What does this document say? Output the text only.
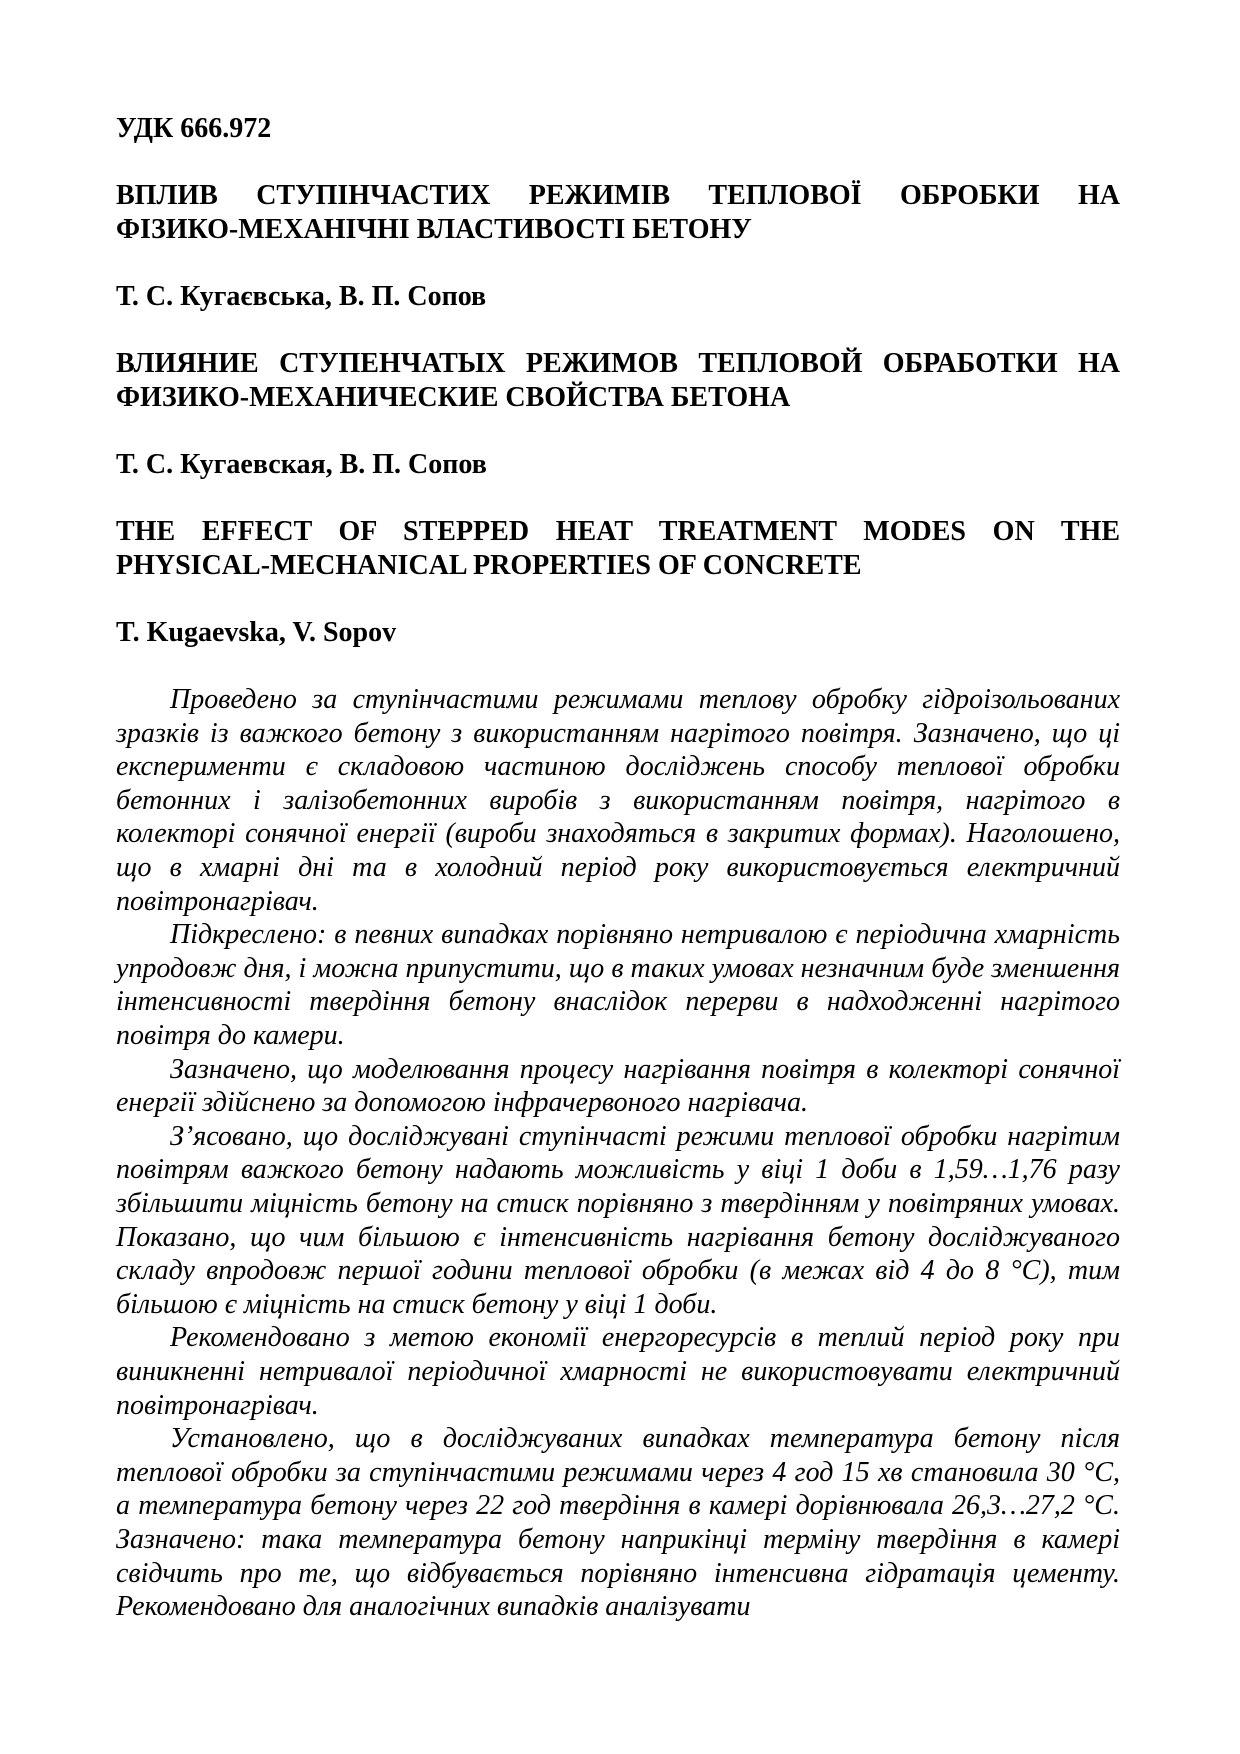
УДК 666.972
ВПЛИВ СТУПІНЧАСТИХ РЕЖИМІВ ТЕПЛОВОЇ ОБРОБКИ НА
ФІЗИКО-МЕХАНІЧНІ ВЛАСТИВОСТІ БЕТОНУ
Т. С. Кугаєвська, В. П. Сопов
ВЛИЯНИЕ СТУПЕНЧАТЫХ РЕЖИМОВ ТЕПЛОВОЙ ОБРАБОТКИ НА
ФИЗИКО-МЕХАНИЧЕСКИЕ СВОЙСТВА БЕТОНА
Т. С. Кугаевская, В. П. Сопов
THE EFFECT OF STEPPED HEAT TREATMENT MODES ON THE
PHYSICAL-MECHANICAL PROPERTIES OF CONCRETE
T. Kugaevska, V. Sopov

Проведено за ступінчастими режимами теплову обробку гідроізольованих зразків із важкого бетону з використанням нагрітого повітря. Зазначено, що ці експерименти є складовою частиною досліджень способу теплової обробки бетонних і залізобетонних виробів з використанням повітря, нагрітого в колекторі сонячної енергії (вироби знаходяться в закритих формах). Наголошено, що в хмарні дні та в холодний період року використовується електричний повітронагрівач.

Підкреслено: в певних випадках порівняно нетривалою є періодична хмарність упродовж дня, і можна припустити, що в таких умовах незначним буде зменшення інтенсивності твердіння бетону внаслідок перерви в надходженні нагрітого повітря до камери.

Зазначено, що моделювання процесу нагрівання повітря в колекторі сонячної енергії здійснено за допомогою інфрачервоного нагрівача.

З’ясовано, що досліджувані ступінчасті режими теплової обробки нагрітим повітрям важкого бетону надають можливість у віці 1 доби в 1,59…1,76 разу збільшити міцність бетону на стиск порівняно з твердінням у повітряних умовах. Показано, що чим більшою є інтенсивність нагрівання бетону досліджуваного складу впродовж першої години теплової обробки (в межах від 4 до 8 °С), тим більшою є міцність на стиск бетону у віці 1 доби.

Рекомендовано з метою економії енергоресурсів в теплий період року при виникненні нетривалої періодичної хмарності не використовувати електричний повітронагрівач.

Установлено, що в досліджуваних випадках температура бетону після теплової обробки за ступінчастими режимами через 4 год 15 хв становила 30 °С, а температура бетону через 22 год твердіння в камері дорівнювала 26,3…27,2 °С. Зазначено: така температура бетону наприкінці терміну твердіння в камері свідчить про те, що відбувається порівняно інтенсивна гідратація цементу. Рекомендовано для аналогічних випадків аналізувати
